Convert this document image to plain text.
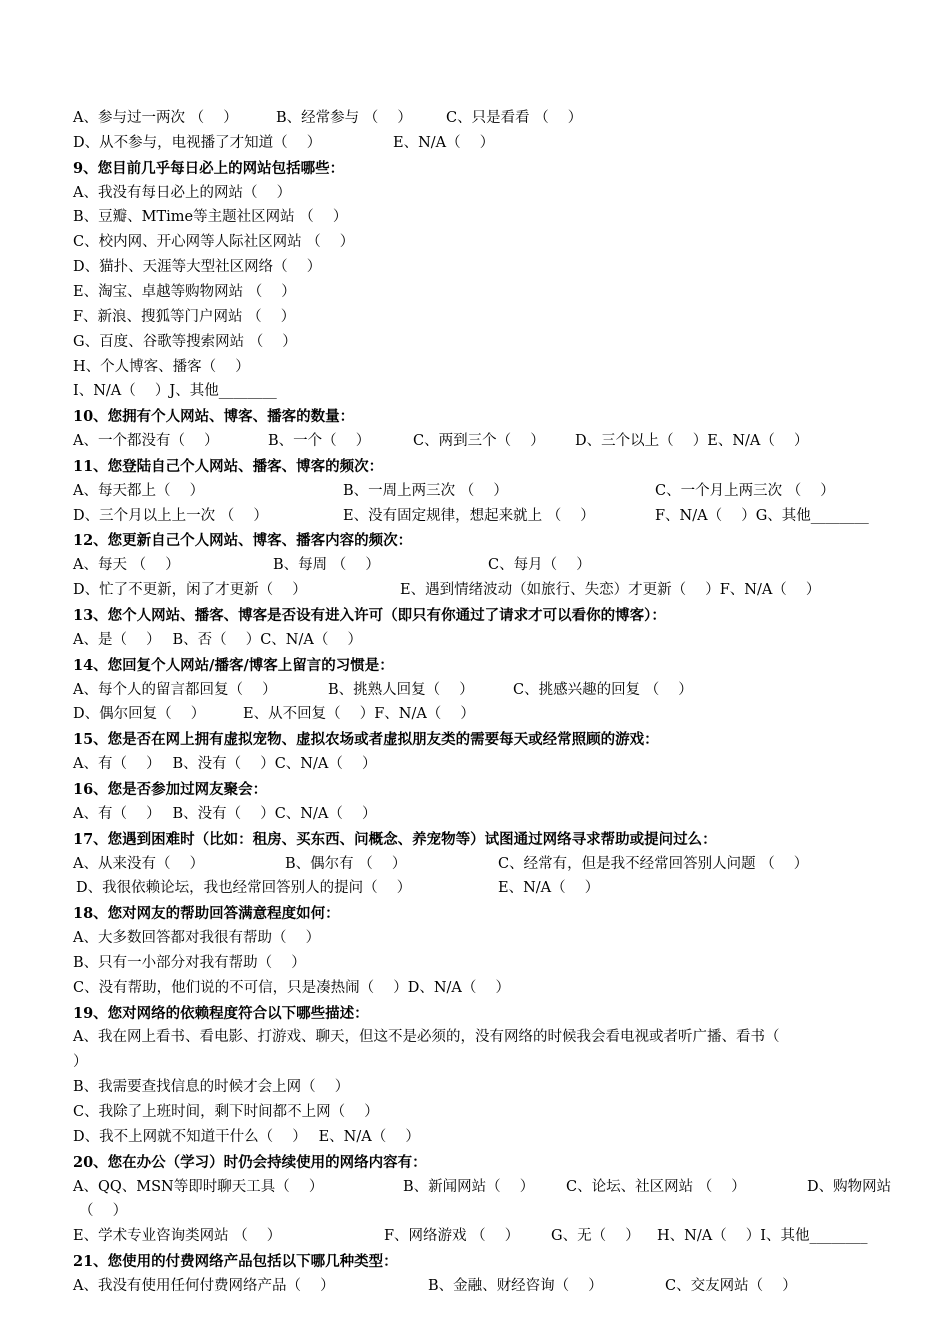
A、参与过一两次 （　 ）	B、经常参与 （　 ） C、只是看看 （　 ）
D、从不参与，电视播了才知道（　 ）	E、N/A（　 ）
9、您目前几乎每日必上的网站包括哪些：
A、我没有每日必上的网站（　 ）
B、豆瓣、MTime等主题社区网站 （　 ）
C、校内网、开心网等人际社区网站 （　 ）
D、猫扑、天涯等大型社区网络（　 ）
E、淘宝、卓越等购物网站 （　 ）
F、新浪、搜狐等门户网站 （　 ）
G、百度、谷歌等搜索网站 （　 ）
H、个人博客、播客（　 ）
I、N/A（　 ）J、其他________
10、您拥有个人网站、博客、播客的数量：
A、一个都没有（　 ）	B、一个（　 ）	C、两到三个（　 ） D、三个以上（　 ）E、N/A（　 ）
11、您登陆自己个人网站、播客、博客的频次：
A、每天都上（　 ）	B、一周上两三次 （　 ）	C、一个月上两三次 （　 ）
D、三个月以上上一次 （　 ）	E、没有固定规律，想起来就上 （　 ）	F、N/A（　 ）G、其他________
12、您更新自己个人网站、博客、播客内容的频次：
A、每天 （　 ）	B、每周 （　 ）	C、每月（　 ）
D、忙了不更新，闲了才更新（　 ）	E、遇到情绪波动（如旅行、失恋）才更新（　 ）F、N/A（　 ）
13、您个人网站、播客、博客是否设有进入许可（即只有你通过了请求才可以看你的博客）：
A、是（　 ）　 B、否（　 ）C、N/A（　 ）
14、您回复个人网站/播客/博客上留言的习惯是：
A、每个人的留言都回复（　 ）	B、挑熟人回复（　 ）	C、挑感兴趣的回复 （　 ）
D、偶尔回复（　 ）	E、从不回复（　 ）F、N/A（　 ）
15、您是否在网上拥有虚拟宠物、虚拟农场或者虚拟朋友类的需要每天或经常照顾的游戏：
A、有（　 ）　 B、没有（　 ）C、N/A（　 ）
16、您是否参加过网友聚会：
A、有（　 ）　 B、没有（　 ）C、N/A（　 ）
17、您遇到困难时（比如：租房、买东西、问概念、养宠物等）试图通过网络寻求帮助或提问过么：
A、从来没有（　 ）	B、偶尔有 （　 ）	C、经常有，但是我不经常回答别人问题 （　 ）
D、我很依赖论坛，我也经常回答别人的提问（　 ）	E、N/A（　 ）
18、您对网友的帮助回答满意程度如何：
A、大多数回答都对我很有帮助（　 ）
B、只有一小部分对我有帮助（　 ）
C、没有帮助，他们说的不可信，只是凑热闹（　 ）D、N/A（　 ）
19、您对网络的依赖程度符合以下哪些描述：
A、我在网上看书、看电影、打游戏、聊天，但这不是必须的，没有网络的时候我会看电视或者听广播、看书（
）
B、我需要查找信息的时候才会上网（　 ）
C、我除了上班时间，剩下时间都不上网（　 ）
D、我不上网就不知道干什么（　 ）　 E、N/A（　 ）
20、您在办公（学习）时仍会持续使用的网络内容有：
A、QQ、MSN等即时聊天工具（　 ）	B、新闻网站（　 ） C、论坛、社区网站 （　 ）	D、购物网站
（　 ）
E、学术专业咨询类网站 （　 ）	F、网络游戏 （　 ） G、无（　 ） H、N/A（　 ）I、其他________
21、您使用的付费网络产品包括以下哪几种类型：
A、我没有使用任何付费网络产品（　 ）	B、金融、财经咨询（　 ）	C、交友网站（　 ）
